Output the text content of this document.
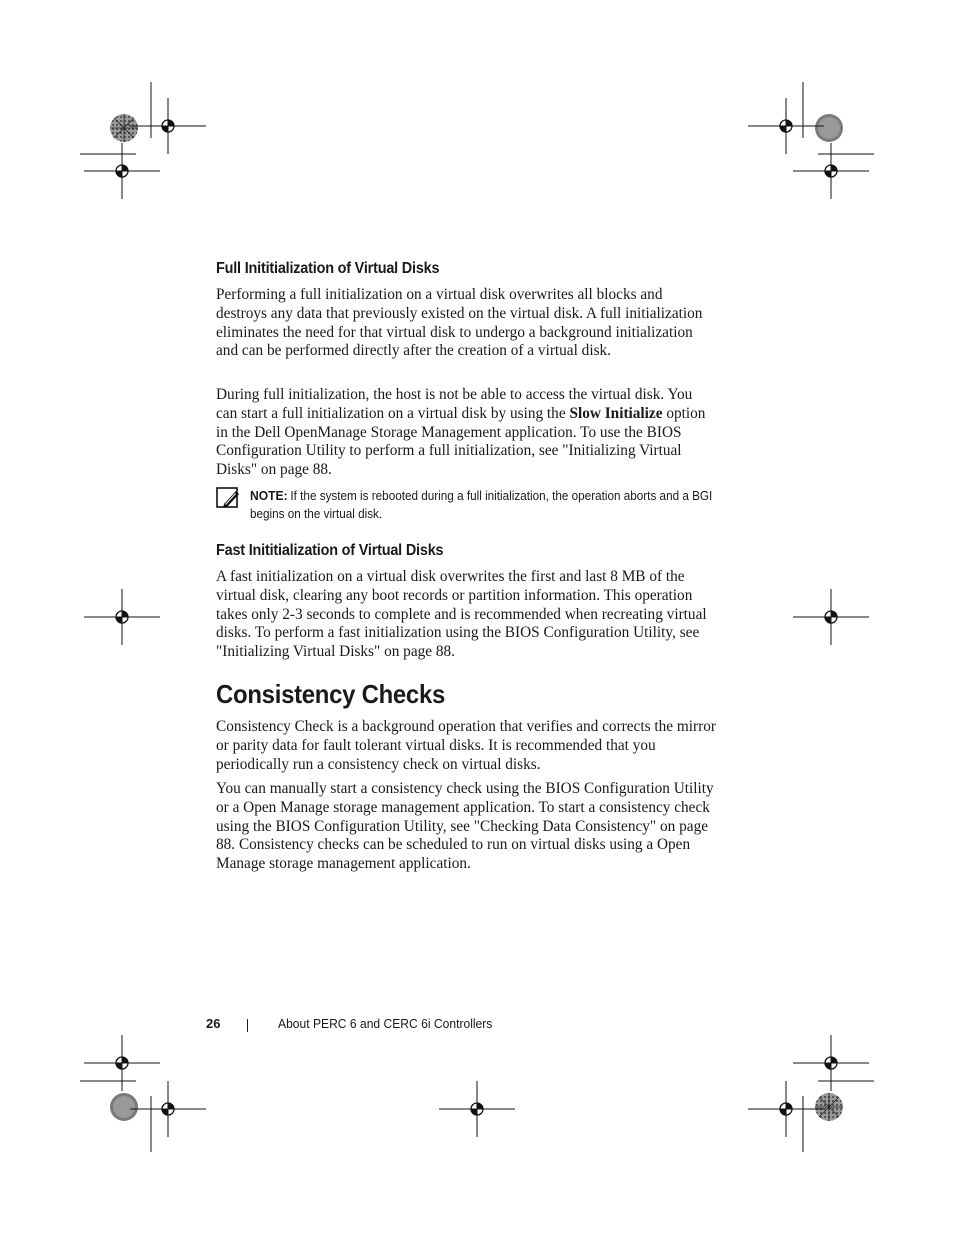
Full Inititialization of Virtual Disks

Performing a full initialization on a virtual disk overwrites all blocks and destroys any data that previously existed on the virtual disk. A full initialization eliminates the need for that virtual disk to undergo a background initialization and can be performed directly after the creation of a virtual disk.

During full initialization, the host is not be able to access the virtual disk. You can start a full initialization on a virtual disk by using the Slow Initialize option in the Dell OpenManage Storage Management application. To use the BIOS Configuration Utility to perform a full initialization, see "Initializing Virtual Disks" on page 88.

NOTE: If the system is rebooted during a full initialization, the operation aborts and a BGI begins on the virtual disk.

Fast Inititialization of Virtual Disks

A fast initialization on a virtual disk overwrites the first and last 8 MB of the virtual disk, clearing any boot records or partition information. This operation takes only 2-3 seconds to complete and is recommended when recreating virtual disks. To perform a fast initialization using the BIOS Configuration Utility, see "Initializing Virtual Disks" on page 88.

Consistency Checks

Consistency Check is a background operation that verifies and corrects the mirror or parity data for fault tolerant virtual disks. It is recommended that you periodically run a consistency check on virtual disks.

You can manually start a consistency check using the BIOS Configuration Utility or a Open Manage storage management application. To start a consistency check using the BIOS Configuration Utility, see "Checking Data Consistency" on page 88. Consistency checks can be scheduled to run on virtual disks using a Open Manage storage management application.

26	About PERC 6 and CERC 6i Controllers
